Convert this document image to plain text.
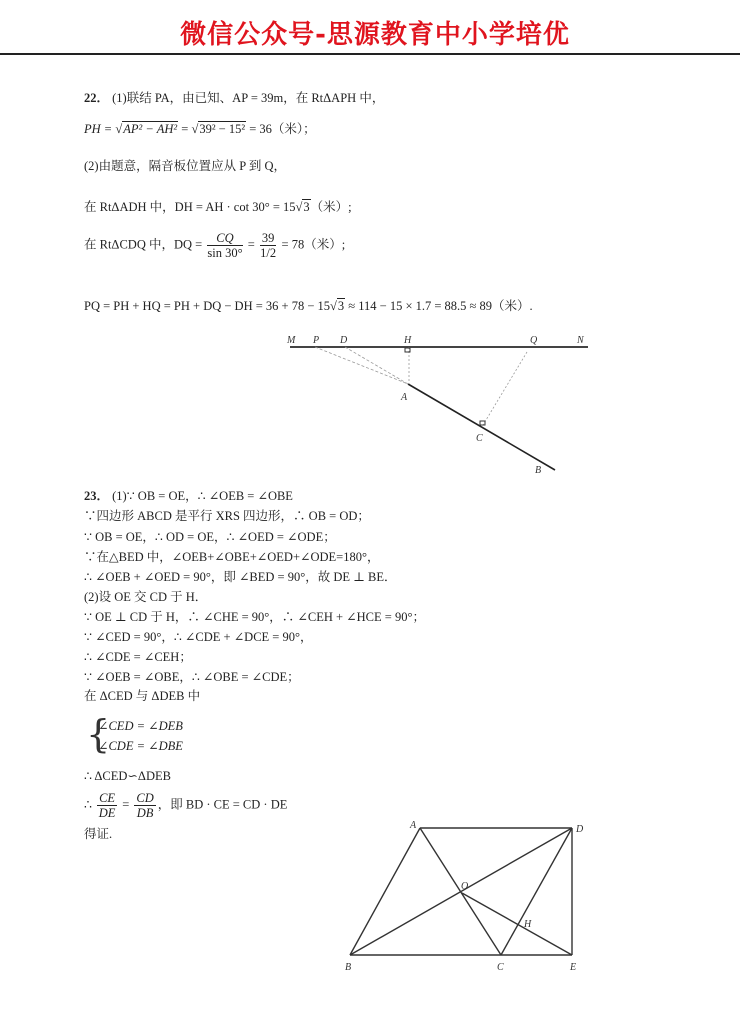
微信公众号-思源教育中小学培优
22． (1)联结 PA，由已知、AP = 39m，在 RtΔAPH 中，
PH = √AP² − AH² = √39² − 15² = 36（米）；
(2)由题意，隔音板位置应从 P 到 Q，
在 RtΔADH 中，DH = AH · cot 30° = 15√3（米）;
在 RtΔCDQ 中，DQ = $\frac{CQ}{\sin 30^\circ} = \frac{39}{1/2} = 78$（米）;
PQ = PH + HQ = PH + DQ − DH = 36 + 78 − 15√3 ≈ 114 − 15 × 1.7 = 88.5 ≈ 89（米）.
M P D	H	Q	N
A
C
B
A	D
O
H
B	C	E
23． (1)∵ OB = OE，∴ ∠OEB = ∠OBE
∵四边形 ABCD 是平行 XRS 四边形，∴ OB = OD；
∵ OB = OE，∴ OD = OE，∴ ∠OED = ∠ODE；
∵在△BED 中，∠OEB+∠OBE+∠OED+∠ODE=180°，
∴ ∠OEB + ∠OED = 90°，即 ∠BED = 90°，故 DE ⊥ BE．
(2)设 OE 交 CD 于 H．
∵ OE ⊥ CD 于 H，∴ ∠CHE = 90°，∴ ∠CEH + ∠HCE = 90°；
∵ ∠CED = 90°，∴ ∠CDE + ∠DCE = 90°，
∴ ∠CDE = ∠CEH；
∵ ∠OEB = ∠OBE，∴ ∠OBE = ∠CDE；
在 ΔCED 与 ΔDEB 中
{
∠CED = ∠DEB
∠CDE = ∠DBE
∴ ΔCED∽ΔDEB
∴ $\frac{CE}{DE} = \frac{CD}{DB}$ ，即 BD · CE = CD · DE
得证.
